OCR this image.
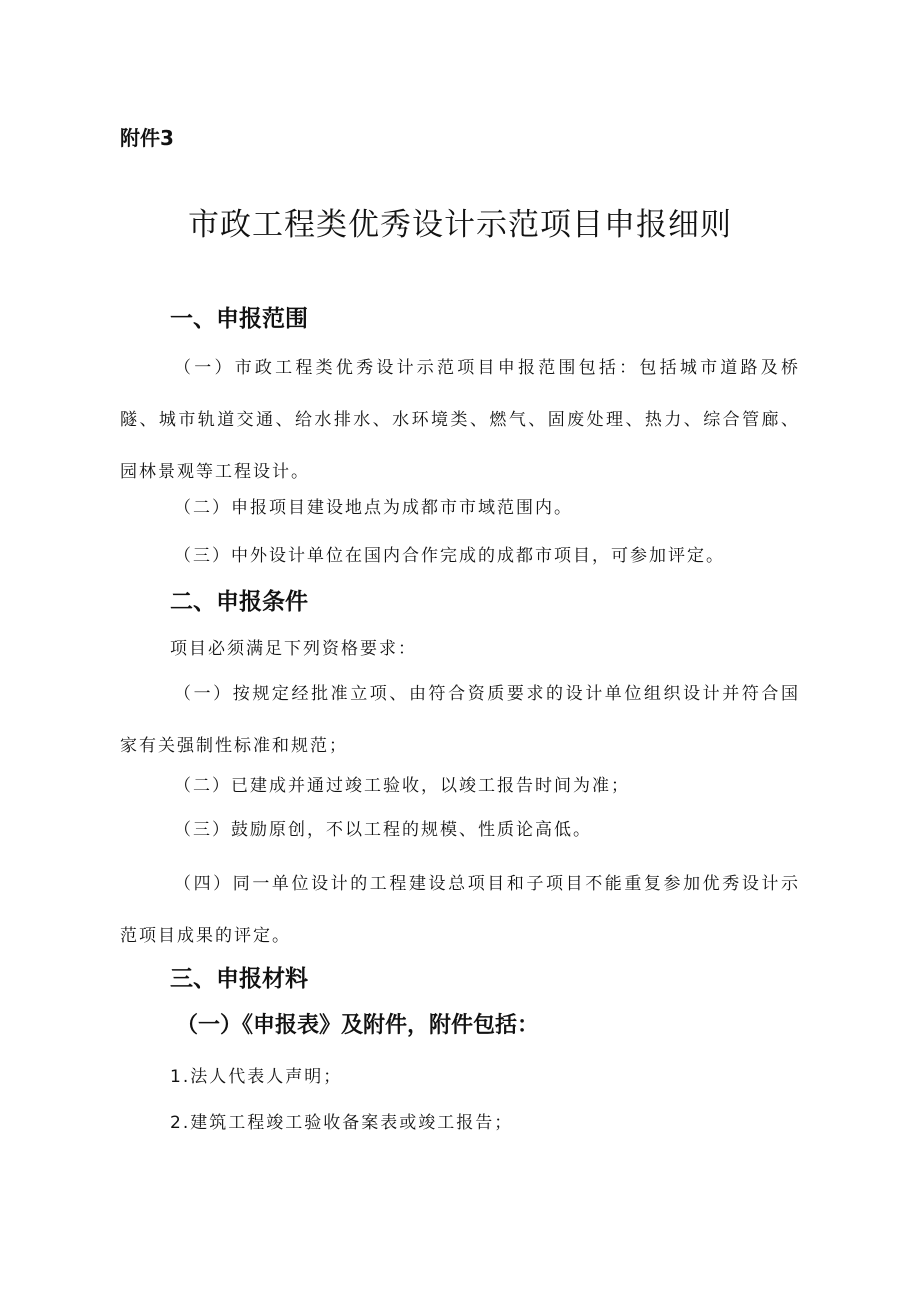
附件3
市政工程类优秀设计示范项目申报细则
一、申报范围
（一）市政工程类优秀设计示范项目申报范围包括：包括城市道路及桥隧、城市轨道交通、给水排水、水环境类、燃气、固废处理、热力、综合管廊、园林景观等工程设计。
（二）申报项目建设地点为成都市市域范围内。
（三）中外设计单位在国内合作完成的成都市项目，可参加评定。
二、申报条件
项目必须满足下列资格要求：
（一）按规定经批准立项、由符合资质要求的设计单位组织设计并符合国家有关强制性标准和规范；
（二）已建成并通过竣工验收，以竣工报告时间为准；
（三）鼓励原创，不以工程的规模、性质论高低。
（四）同一单位设计的工程建设总项目和子项目不能重复参加优秀设计示范项目成果的评定。
三、申报材料
（一）《申报表》及附件，附件包括：
1.法人代表人声明；
2.建筑工程竣工验收备案表或竣工报告；
